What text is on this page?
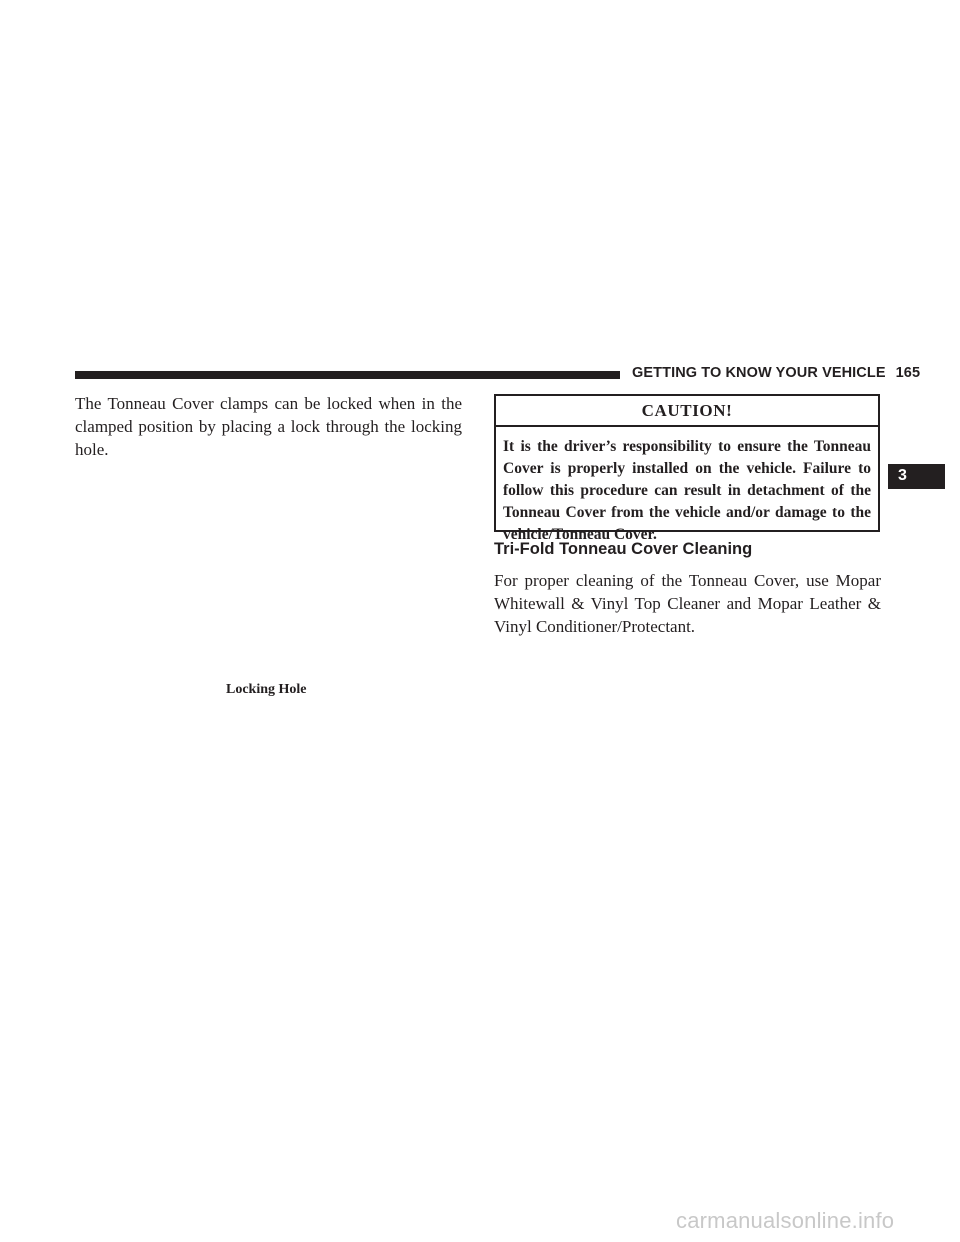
GETTING TO KNOW YOUR VEHICLE 165
3

The Tonneau Cover clamps can be locked when in the clamped position by placing a lock through the locking hole.

Locking Hole
CAUTION!

It is the driver’s responsibility to ensure the Tonneau Cover is properly installed on the vehicle. Failure to follow this procedure can result in detachment of the Tonneau Cover from the vehicle and/or damage to the vehicle/Tonneau Cover.

Tri-Fold Tonneau Cover Cleaning

For proper cleaning of the Tonneau Cover, use Mopar Whitewall & Vinyl Top Cleaner and Mopar Leather & Vinyl Conditioner/Protectant.

carmanualsonline.info
